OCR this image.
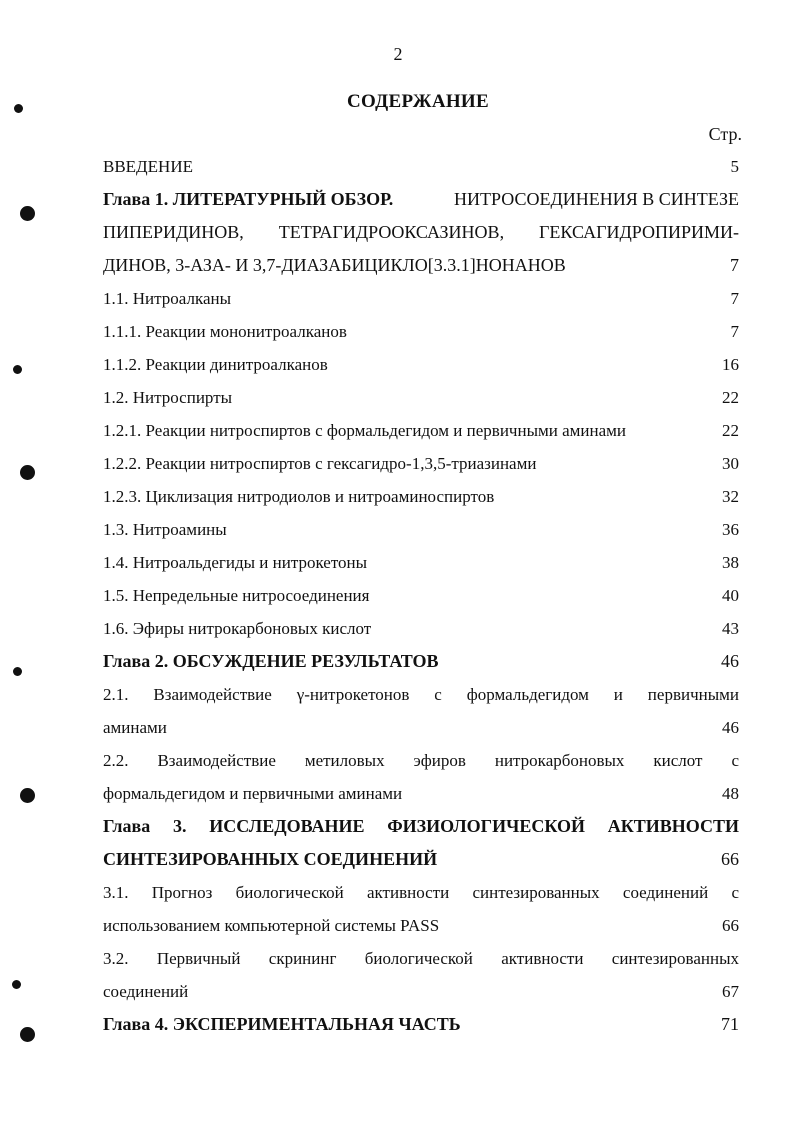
2
СОДЕРЖАНИЕ
Стр.
ВВЕДЕНИЕ	5
Глава 1. ЛИТЕРАТУРНЫЙ ОБЗОР.	НИТРОСОЕДИНЕНИЯ В СИНТЕЗЕ
ПИПЕРИДИНОВ, ТЕТРАГИДРООКСАЗИНОВ, ГЕКСАГИДРОПИРИМИ-
ДИНОВ, 3-АЗА- И 3,7-ДИАЗАБИЦИКЛО[3.3.1]НОНАНОВ	7
1.1. Нитроалканы	7
1.1.1. Реакции мононитроалканов	7
1.1.2. Реакции динитроалканов	16
1.2. Нитроспирты	22
1.2.1. Реакции нитроспиртов с формальдегидом и первичными аминами	22
1.2.2. Реакции нитроспиртов с гексагидро-1,3,5-триазинами	30
1.2.3. Циклизация нитродиолов и нитроаминоспиртов	32
1.3. Нитроамины	36
1.4. Нитроальдегиды и нитрокетоны	38
1.5. Непредельные нитросоединения	40
1.6. Эфиры нитрокарбоновых кислот	43
Глава 2. ОБСУЖДЕНИЕ РЕЗУЛЬТАТОВ	46
2.1. Взаимодействие γ-нитрокетонов с формальдегидом и первичными
аминами	46
2.2. Взаимодействие метиловых эфиров нитрокарбоновых кислот с
формальдегидом и первичными аминами	48
Глава 3. ИССЛЕДОВАНИЕ ФИЗИОЛОГИЧЕСКОЙ АКТИВНОСТИ
СИНТЕЗИРОВАННЫХ СОЕДИНЕНИЙ	66
3.1. Прогноз биологической активности синтезированных соединений с
использованием компьютерной системы PASS	66
3.2. Первичный скрининг биологической активности синтезированных
соединений	67
Глава 4. ЭКСПЕРИМЕНТАЛЬНАЯ ЧАСТЬ	71
